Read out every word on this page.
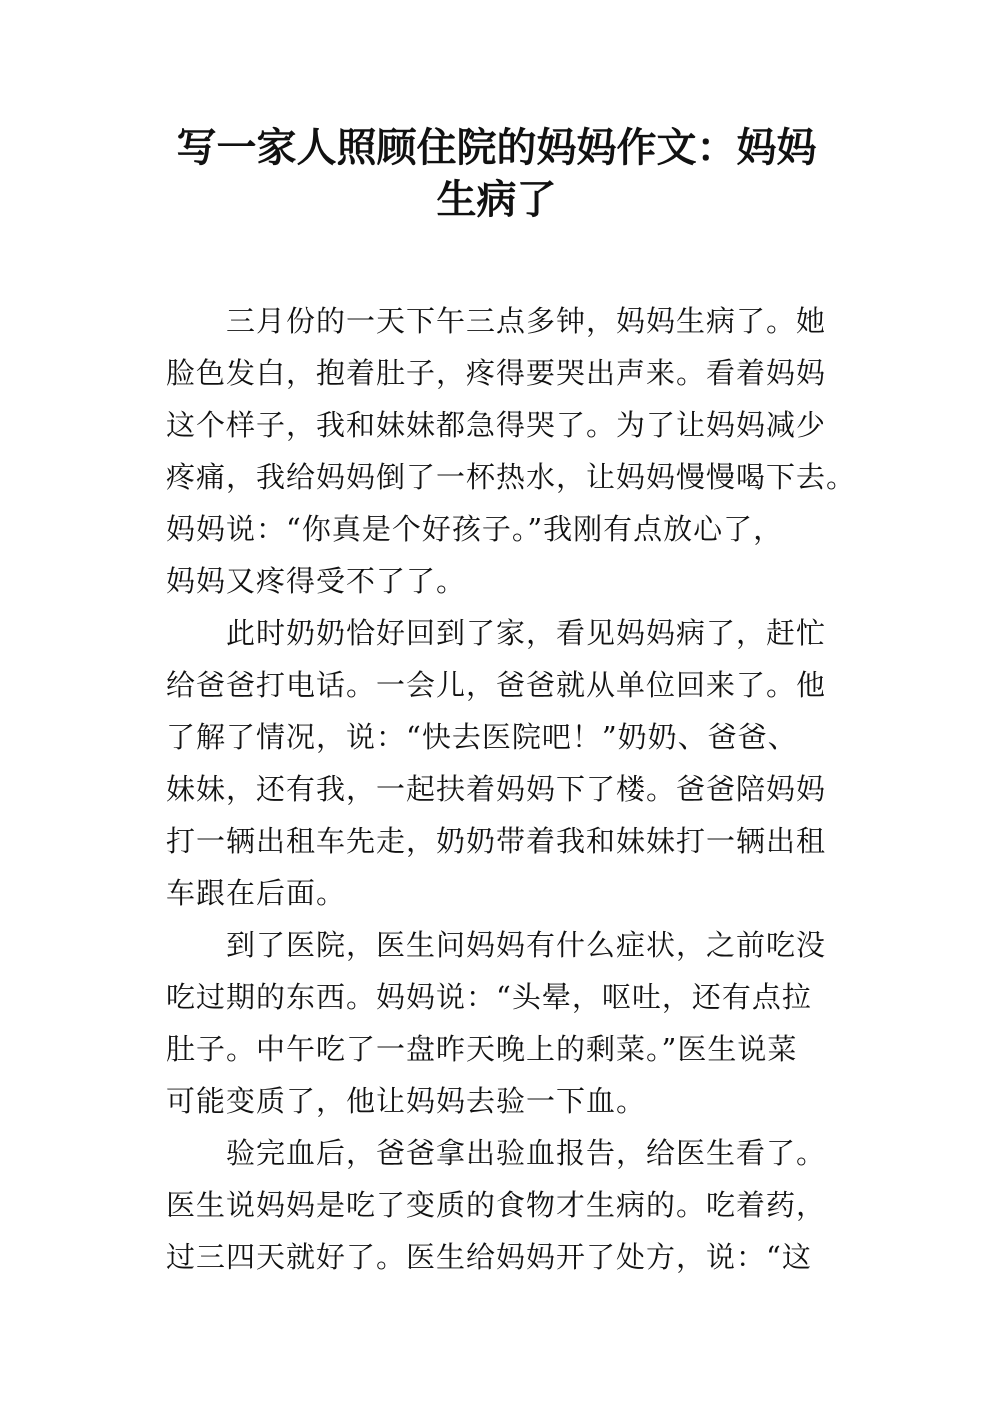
写一家人照顾住院的妈妈作文：妈妈
生病了
三月份的一天下午三点多钟，妈妈生病了。她
脸色发白，抱着肚子，疼得要哭出声来。看着妈妈
这个样子，我和妹妹都急得哭了。为了让妈妈减少
疼痛，我给妈妈倒了一杯热水，让妈妈慢慢喝下去。
妈妈说：“你真是个好孩子。”我刚有点放心了，
妈妈又疼得受不了了。
此时奶奶恰好回到了家，看见妈妈病了，赶忙
给爸爸打电话。一会儿，爸爸就从单位回来了。他
了解了情况，说：“快去医院吧！”奶奶、爸爸、
妹妹，还有我，一起扶着妈妈下了楼。爸爸陪妈妈
打一辆出租车先走，奶奶带着我和妹妹打一辆出租
车跟在后面。
到了医院，医生问妈妈有什么症状，之前吃没
吃过期的东西。妈妈说：“头晕，呕吐，还有点拉
肚子。中午吃了一盘昨天晚上的剩菜。”医生说菜
可能变质了，他让妈妈去验一下血。
验完血后，爸爸拿出验血报告，给医生看了。
医生说妈妈是吃了变质的食物才生病的。吃着药，
过三四天就好了。医生给妈妈开了处方，说：“这
